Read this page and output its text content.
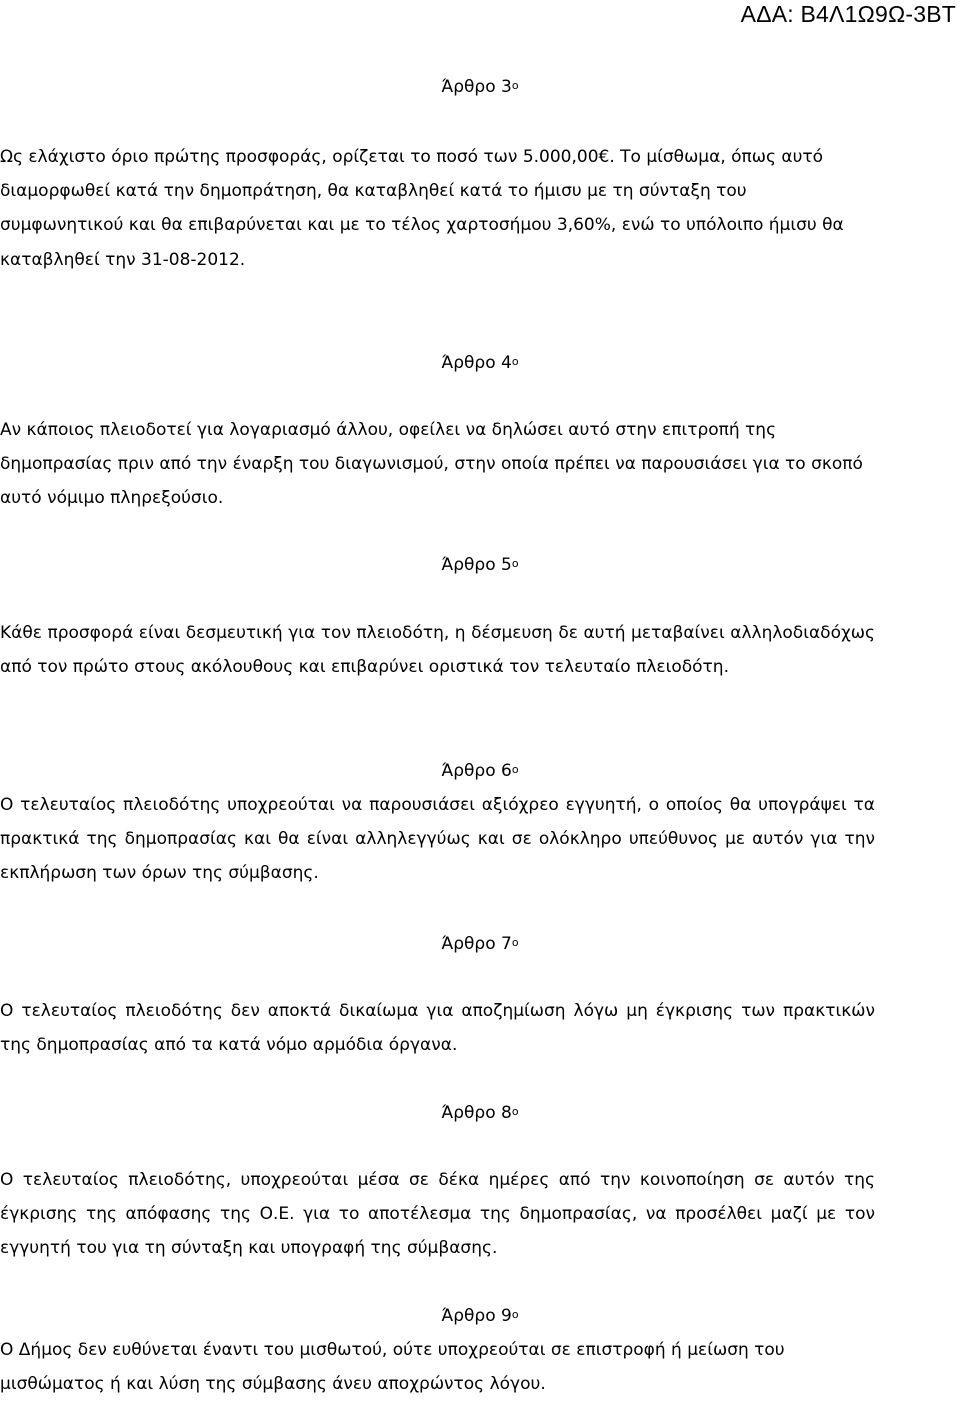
ΑΔΑ: Β4Λ1Ω9Ω-3ΒΤ
Άρθρο $3^o$

Ως ελάχιστο όριο πρώτης προσφοράς, ορίζεται το ποσό των 5.000,00€. Το μίσθωμα, όπως αυτό διαμορφωθεί κατά την δημοπράτηση, θα καταβληθεί κατά το ήμισυ με τη σύνταξη του συμφωνητικού και θα επιβαρύνεται και με το τέλος χαρτοσήμου 3,60%, ενώ το υπόλοιπο ήμισυ θα καταβληθεί την 31-08-2012.

Άρθρο $4^o$

Αν κάποιος πλειοδοτεί για λογαριασμό άλλου, οφείλει να δηλώσει αυτό στην επιτροπή της δημοπρασίας πριν από την έναρξη του διαγωνισμού, στην οποία πρέπει να παρουσιάσει για το σκοπό αυτό νόμιμο πληρεξούσιο.

Άρθρο $5^o$

Κάθε προσφορά είναι δεσμευτική για τον πλειοδότη, η δέσμευση δε αυτή μεταβαίνει αλληλοδιαδόχως από τον πρώτο στους ακόλουθους και επιβαρύνει οριστικά τον τελευταίο πλειοδότη.

Άρθρο $6^o$

Ο τελευταίος πλειοδότης υποχρεούται να παρουσιάσει αξιόχρεο εγγυητή, ο οποίος θα υπογράψει τα πρακτικά της δημοπρασίας και θα είναι αλληλεγγύως και σε ολόκληρο υπεύθυνος με αυτόν για την εκπλήρωση των όρων της σύμβασης.

Άρθρο $7^o$

Ο τελευταίος πλειοδότης δεν αποκτά δικαίωμα για αποζημίωση λόγω μη έγκρισης των πρακτικών της δημοπρασίας από τα κατά νόμο αρμόδια όργανα.

Άρθρο $8^o$

Ο τελευταίος πλειοδότης, υποχρεούται μέσα σε δέκα ημέρες από την κοινοποίηση σε αυτόν της έγκρισης της απόφασης της Ο.Ε. για το αποτέλεσμα της δημοπρασίας, να προσέλθει μαζί με τον εγγυητή του για τη σύνταξη και υπογραφή της σύμβασης.

Άρθρο $9^o$

Ο Δήμος δεν ευθύνεται έναντι του μισθωτού, ούτε υποχρεούται σε επιστροφή ή μείωση του μισθώματος ή και λύση της σύμβασης άνευ αποχρώντος λόγου.
